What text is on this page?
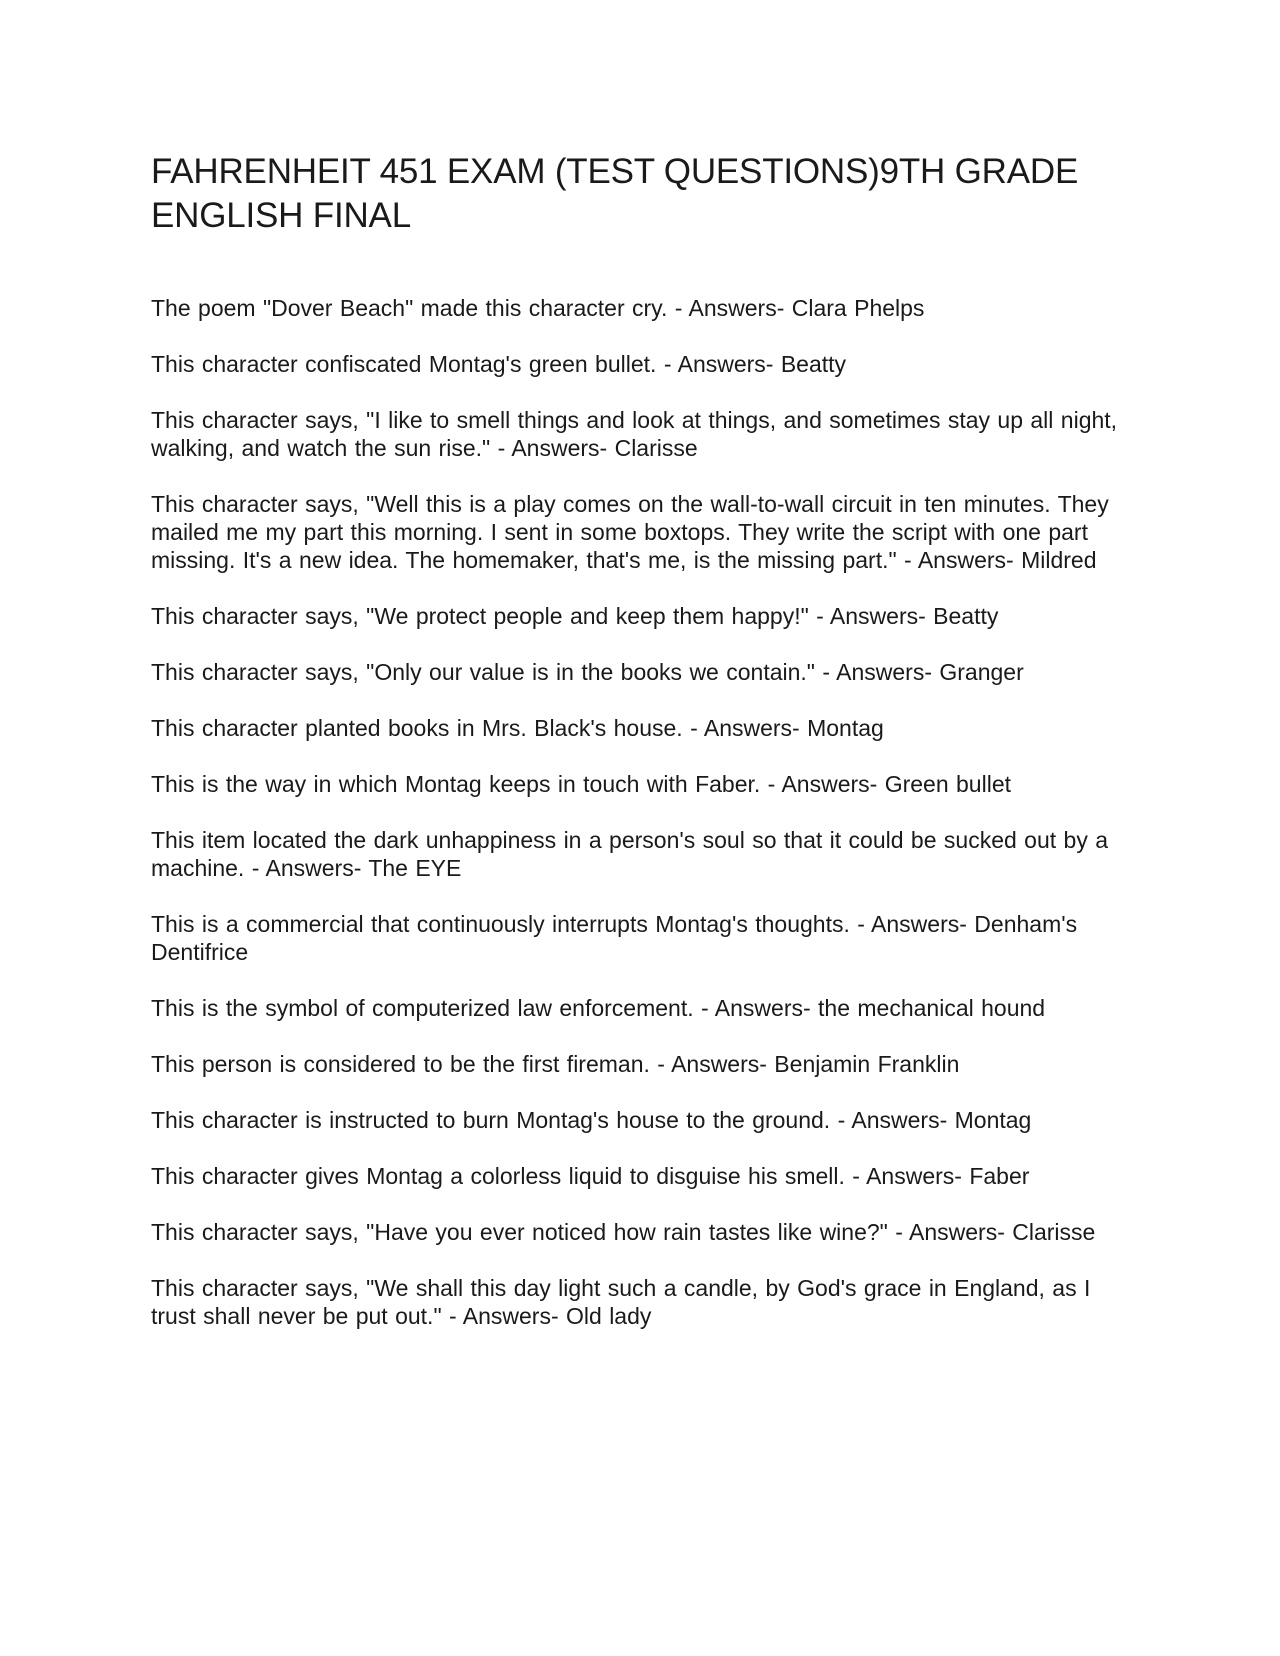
FAHRENHEIT 451 EXAM (TEST QUESTIONS)9TH GRADE ENGLISH FINAL
The poem "Dover Beach" made this character cry. - Answers- Clara Phelps
This character confiscated Montag's green bullet. - Answers- Beatty
This character says, "I like to smell things and look at things, and sometimes stay up all night, walking, and watch the sun rise." - Answers- Clarisse
This character says, "Well this is a play comes on the wall-to-wall circuit in ten minutes. They mailed me my part this morning. I sent in some boxtops. They write the script with one part missing. It's a new idea. The homemaker, that's me, is the missing part." - Answers- Mildred
This character says, "We protect people and keep them happy!" - Answers- Beatty
This character says, "Only our value is in the books we contain." - Answers- Granger
This character planted books in Mrs. Black's house. - Answers- Montag
This is the way in which Montag keeps in touch with Faber. - Answers- Green bullet
This item located the dark unhappiness in a person's soul so that it could be sucked out by a machine. - Answers- The EYE
This is a commercial that continuously interrupts Montag's thoughts. - Answers- Denham's Dentifrice
This is the symbol of computerized law enforcement. - Answers- the mechanical hound
This person is considered to be the first fireman. - Answers- Benjamin Franklin
This character is instructed to burn Montag's house to the ground. - Answers- Montag
This character gives Montag a colorless liquid to disguise his smell. - Answers- Faber
This character says, "Have you ever noticed how rain tastes like wine?" - Answers- Clarisse
This character says, "We shall this day light such a candle, by God's grace in England, as I trust shall never be put out." - Answers- Old lady
